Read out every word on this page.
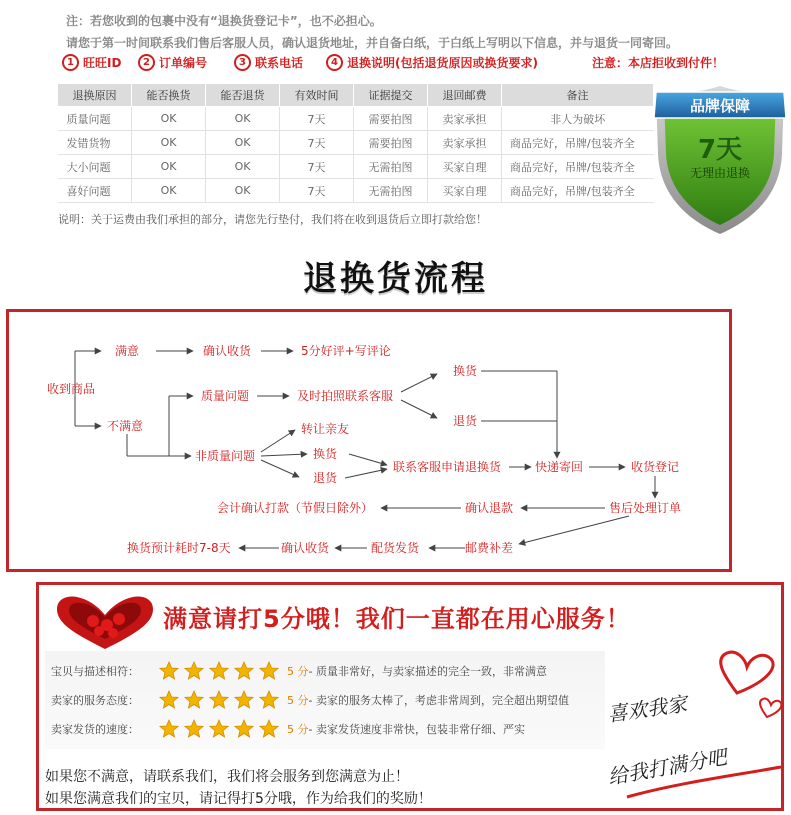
注：若您收到的包裹中没有“退换货登记卡”，也不必担心。
请您于第一时间联系我们售后客服人员，确认退货地址，并自备白纸，于白纸上写明以下信息，并与退货一同寄回。
1 旺旺ID	2 订单编号	3 联系电话	4 退换说明(包括退货原因或换货要求)	注意：本店拒收到付件！
退换原因	能否换货	能否退货	有效时间	证据提交	退回邮费	备注
质量问题	OK	OK	7天	需要拍图	卖家承担	非人为破坏
发错货物	OK	OK	7天	需要拍图	卖家承担	商品完好，吊牌/包装齐全
大小问题	OK	OK	7天	无需拍图	买家自理	商品完好，吊牌/包装齐全
喜好问题	OK	OK	7天	无需拍图	买家自理	商品完好，吊牌/包装齐全
说明：关于运费由我们承担的部分，请您先行垫付，我们将在收到退货后立即打款给您！
品牌保障
7天
无理由退换
退换货流程
收到商品
满意	确认收货	5分好评+写评论
不满意
质量问题	及时拍照联系客服
换货
退货
非质量问题
转让亲友
换货
退货
联系客服申请退换货	快递寄回	收货登记
售后处理订单
确认退款
会计确认打款（节假日除外）
邮费补差
配货发货
确认收货
换货预计耗时7-8天
满意请打5分哦！我们一直都在用心服务！
宝贝与描述相符：	5 分 - 质量非常好，与卖家描述的完全一致，非常满意
卖家的服务态度：	5 分 - 卖家的服务太棒了，考虑非常周到，完全超出期望值
卖家发货的速度：	5 分 - 卖家发货速度非常快，包装非常仔细、严实
如果您不满意，请联系我们，我们将会服务到您满意为止！
如果您满意我们的宝贝，请记得打5分哦，作为给我们的奖励！
喜欢我家
给我打满分吧
